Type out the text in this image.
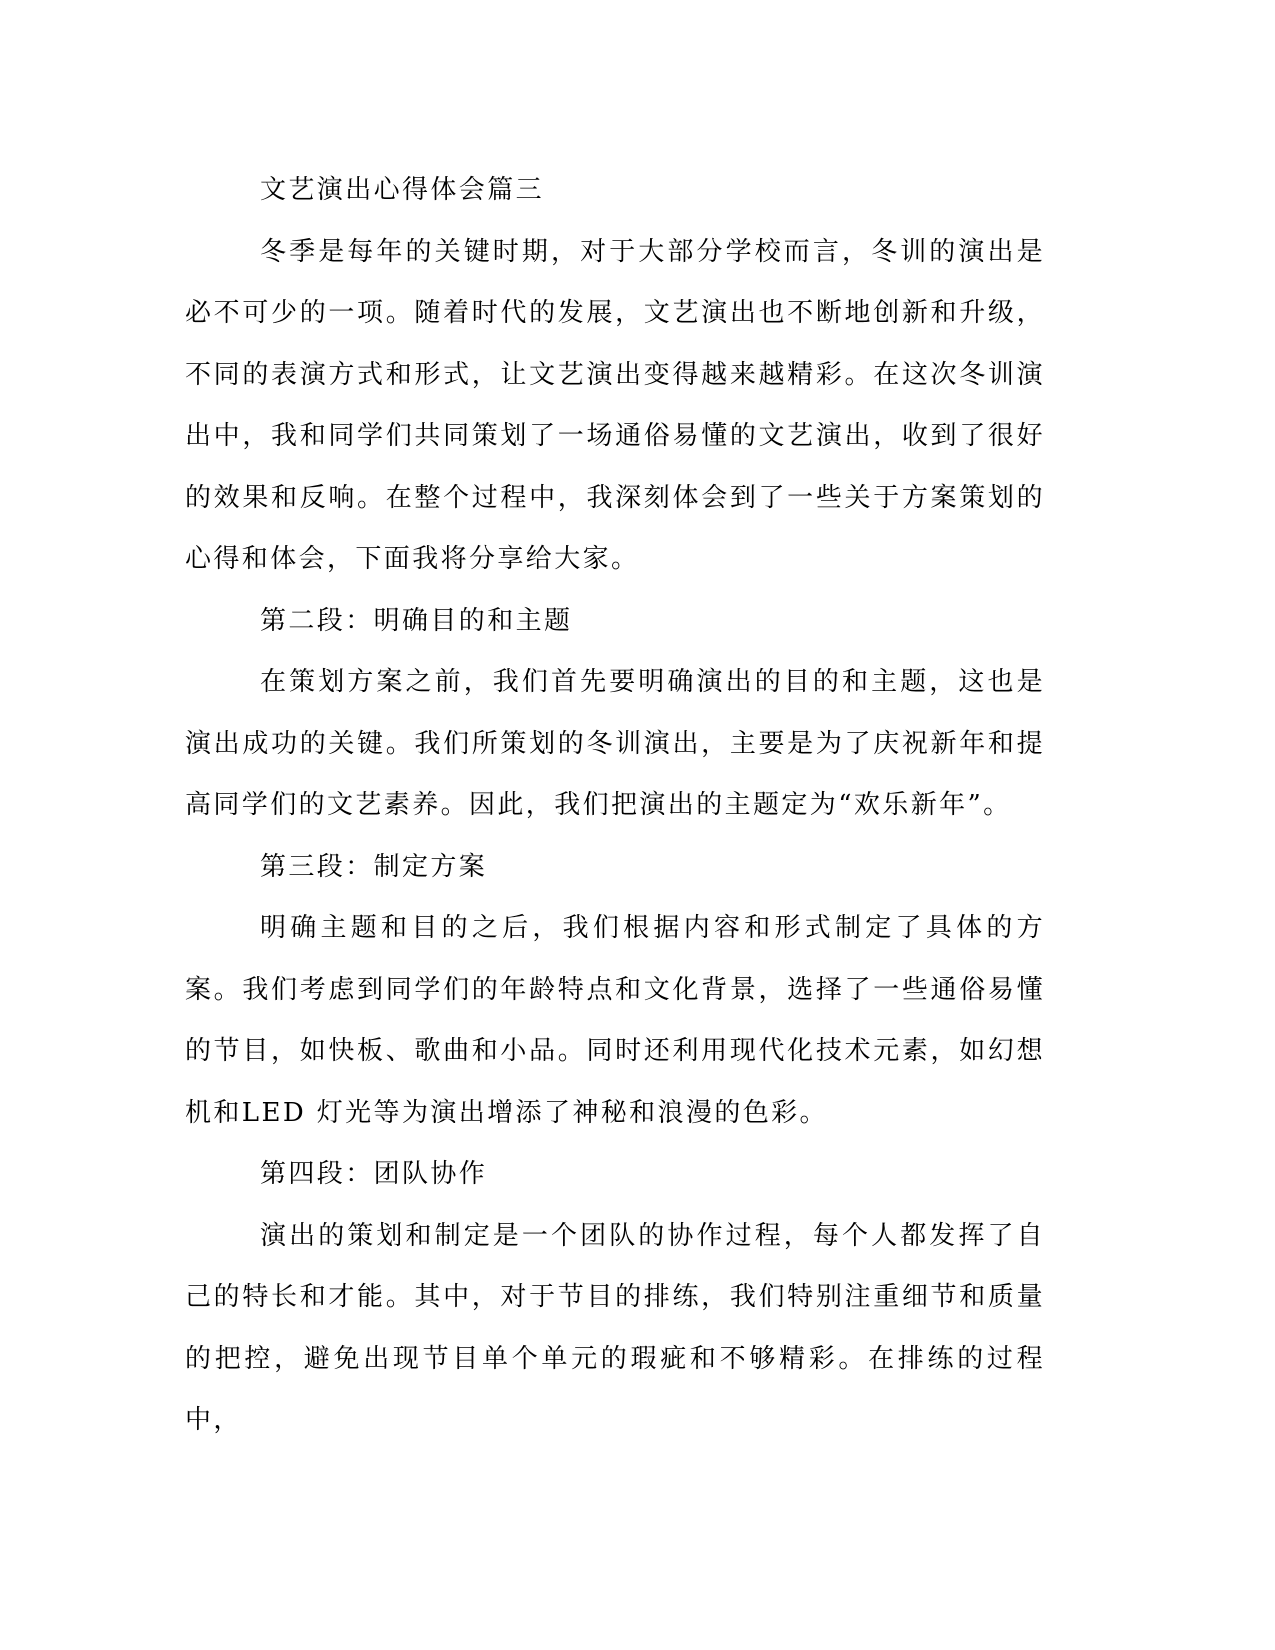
文艺演出心得体会篇三

冬季是每年的关键时期，对于大部分学校而言，冬训的演出是必不可少的一项。随着时代的发展，文艺演出也不断地创新和升级，不同的表演方式和形式，让文艺演出变得越来越精彩。在这次冬训演出中，我和同学们共同策划了一场通俗易懂的文艺演出，收到了很好的效果和反响。在整个过程中，我深刻体会到了一些关于方案策划的心得和体会，下面我将分享给大家。

第二段：明确目的和主题

在策划方案之前，我们首先要明确演出的目的和主题，这也是演出成功的关键。我们所策划的冬训演出，主要是为了庆祝新年和提高同学们的文艺素养。因此，我们把演出的主题定为“欢乐新年”。

第三段：制定方案

明确主题和目的之后，我们根据内容和形式制定了具体的方案。我们考虑到同学们的年龄特点和文化背景，选择了一些通俗易懂的节目，如快板、歌曲和小品。同时还利用现代化技术元素，如幻想机和LED 灯光等为演出增添了神秘和浪漫的色彩。

第四段：团队协作

演出的策划和制定是一个团队的协作过程，每个人都发挥了自己的特长和才能。其中，对于节目的排练，我们特别注重细节和质量的把控，避免出现节目单个单元的瑕疵和不够精彩。在排练的过程中，
